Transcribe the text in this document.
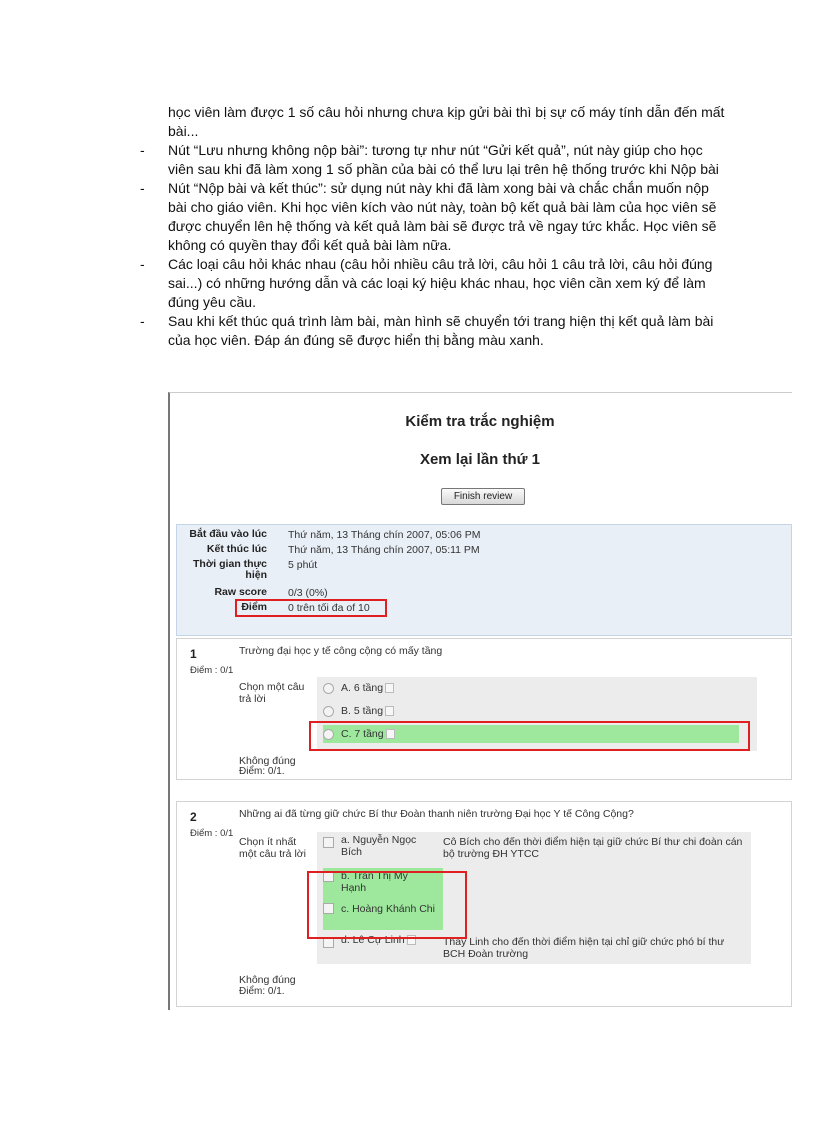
học viên làm được 1 số câu hỏi nhưng chưa kịp gửi bài thì bị sự cố máy tính dẫn đến mất bài...

- Nút “Lưu nhưng không nộp bài”: tương tự như nút “Gửi kết quả”, nút này giúp cho học viên sau khi đã làm xong 1 số phần của bài có thể lưu lại trên hệ thống trước khi Nộp bài
- Nút “Nộp bài và kết thúc”: sử dụng nút này khi đã làm xong bài và chắc chắn muốn nộp bài cho giáo viên. Khi học viên kích vào nút này, toàn bộ kết quả bài làm của học viên sẽ được chuyển lên hệ thống và kết quả làm bài sẽ được trả về ngay tức khắc. Học viên sẽ không có quyền thay đổi kết quả bài làm nữa.
- Các loại câu hỏi khác nhau (câu hỏi nhiều câu trả lời, câu hỏi 1 câu trả lời, câu hỏi đúng sai...) có những hướng dẫn và các loại ký hiệu khác nhau, học viên cần xem ký để làm đúng yêu cầu.
- Sau khi kết thúc quá trình làm bài, màn hình sẽ chuyển tới trang hiện thị kết quả làm bài của học viên. Đáp án đúng sẽ được hiển thị bằng màu xanh.
Kiểm tra trắc nghiệm
Xem lại lần thứ 1
Finish review
Bắt đầu vào lúc Thứ năm, 13 Tháng chín 2007, 05:06 PM
Kết thúc lúc Thứ năm, 13 Tháng chín 2007, 05:11 PM
Thời gian thực hiện
5 phút
Raw score 0/3 (0%)
Điểm 0 trên tối đa of 10
1
Điểm : 0/1
Trường đại học y tế công cộng có mấy tầng
Chọn một câu trả lời
A. 6 tầng
B. 5 tầng
C. 7 tầng
Không đúng
Điểm: 0/1.
2
Điểm : 0/1
Những ai đã từng giữ chức Bí thư Đoàn thanh niên trường Đại học Y tế Công Cộng?
Chọn ít nhất một câu trả lời
a. Nguyễn Ngọc Bích
Cô Bích cho đến thời điểm hiện tại giữ chức Bí thư chi đoàn cán bộ trường ĐH YTCC
b. Trần Thị Mỹ Hạnh
c. Hoàng Khánh Chi
d. Lê Cự Linh	Thầy Linh cho đến thời điểm hiện tại chỉ giữ chức phó bí thư BCH Đoàn trường
Không đúng
Điểm: 0/1.
